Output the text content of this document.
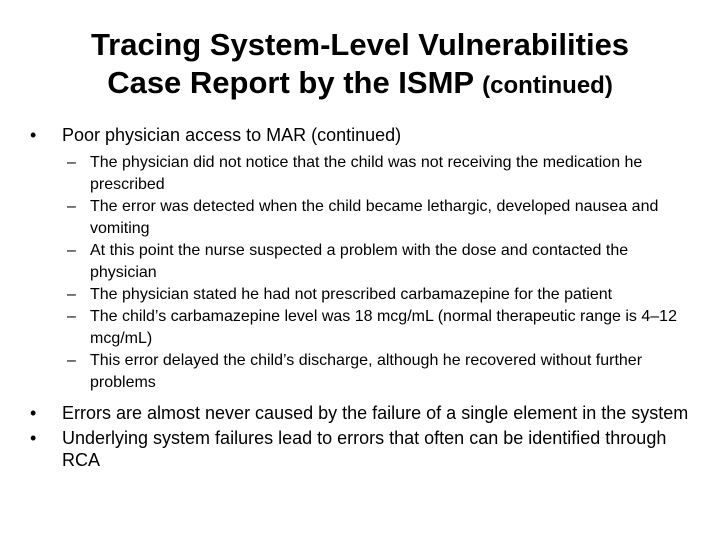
Tracing System-Level Vulnerabilities
Case Report by the ISMP (continued)
•	Poor physician access to MAR (continued)
– The physician did not notice that the child was not receiving the medication he prescribed
– The error was detected when the child became lethargic, developed nausea and vomiting
– At this point the nurse suspected a problem with the dose and contacted the physician
– The physician stated he had not prescribed carbamazepine for the patient
– The child’s carbamazepine level was 18 mcg/mL (normal therapeutic range is 4–12 mcg/mL)
– This error delayed the child’s discharge, although he recovered without further problems
•	Errors are almost never caused by the failure of a single element in the system
•	Underlying system failures lead to errors that often can be identified through RCA
